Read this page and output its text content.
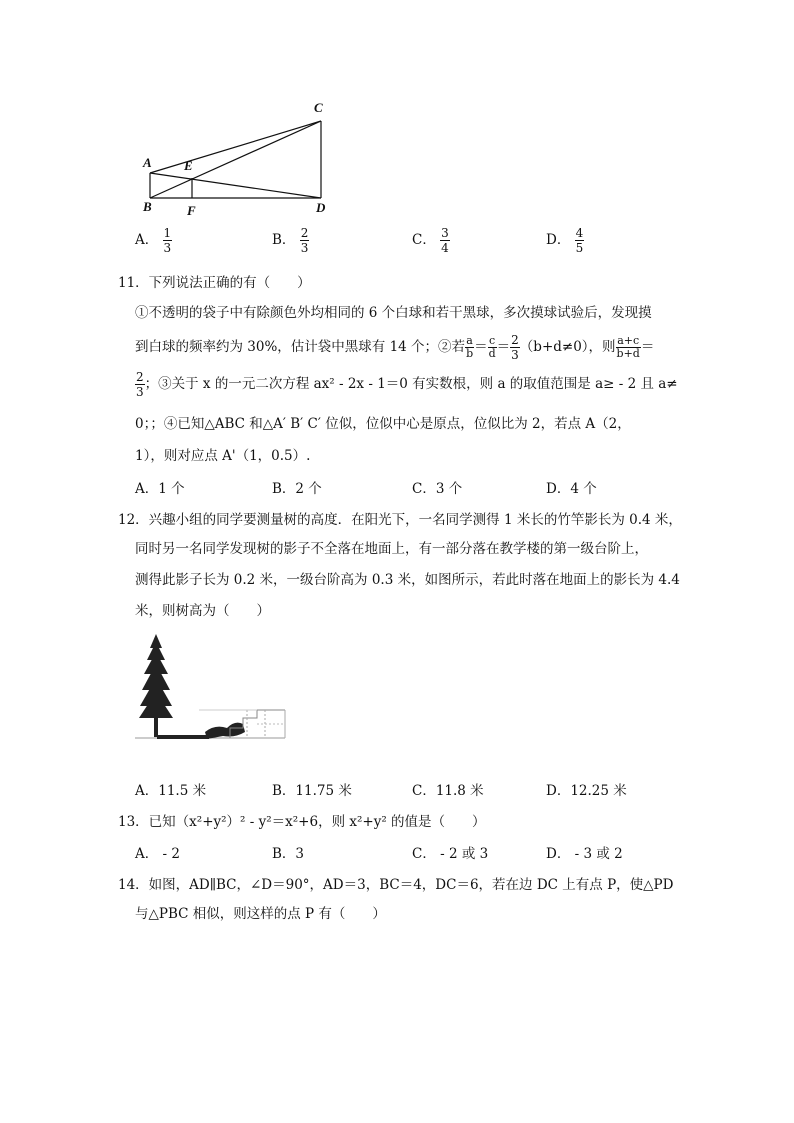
C
A E
B	F	D
A． $\frac{1}{3}$	B． $\frac{2}{3}$	C． $\frac{3}{4}$	D． $\frac{4}{5}$
11．下列说法正确的有（　　）
①不透明的袋子中有除颜色外均相同的 6 个白球和若干黑球，多次摸球试验后，发现摸
到白球的频率约为 30%，估计袋中黑球有 14 个；②若 $\frac{a}{b} = \frac{c}{d} = \frac{2}{3} (b+d\ne 0)$，则 $\frac{a+c}{b+d}$ ＝
$\frac{2}{3}$ ；③关于 x 的一元二次方程 ax² - 2x - 1＝0 有实数根，则 a 的取值范围是 a≥ - 2 且 a≠
0；；④已知△ABC 和△A′ B′ C′ 位似，位似中心是原点，位似比为 2，若点 A（2，
1），则对应点 A'（1，0.5）.
A．1 个	B．2 个	C．3 个	D．4 个
12．兴趣小组的同学要测量树的高度．在阳光下，一名同学测得 1 米长的竹竿影长为 0.4 米，
同时另一名同学发现树的影子不全落在地面上，有一部分落在教学楼的第一级台阶上，
测得此影子长为 0.2 米，一级台阶高为 0.3 米，如图所示，若此时落在地面上的影长为 4.4
米，则树高为（　　）
A．11.5 米	B．11.75 米	C．11.8 米	D．12.25 米
13．已知（x²+y²）² - y²＝x²+6，则 x²+y² 的值是（　　）
A． - 2	B．3	C． - 2 或 3	D． - 3 或 2
14．如图，AD∥BC，∠D＝90°，AD＝3，BC＝4，DC＝6，若在边 DC 上有点 P，使△PD
与△PBC 相似，则这样的点 P 有（　　）
